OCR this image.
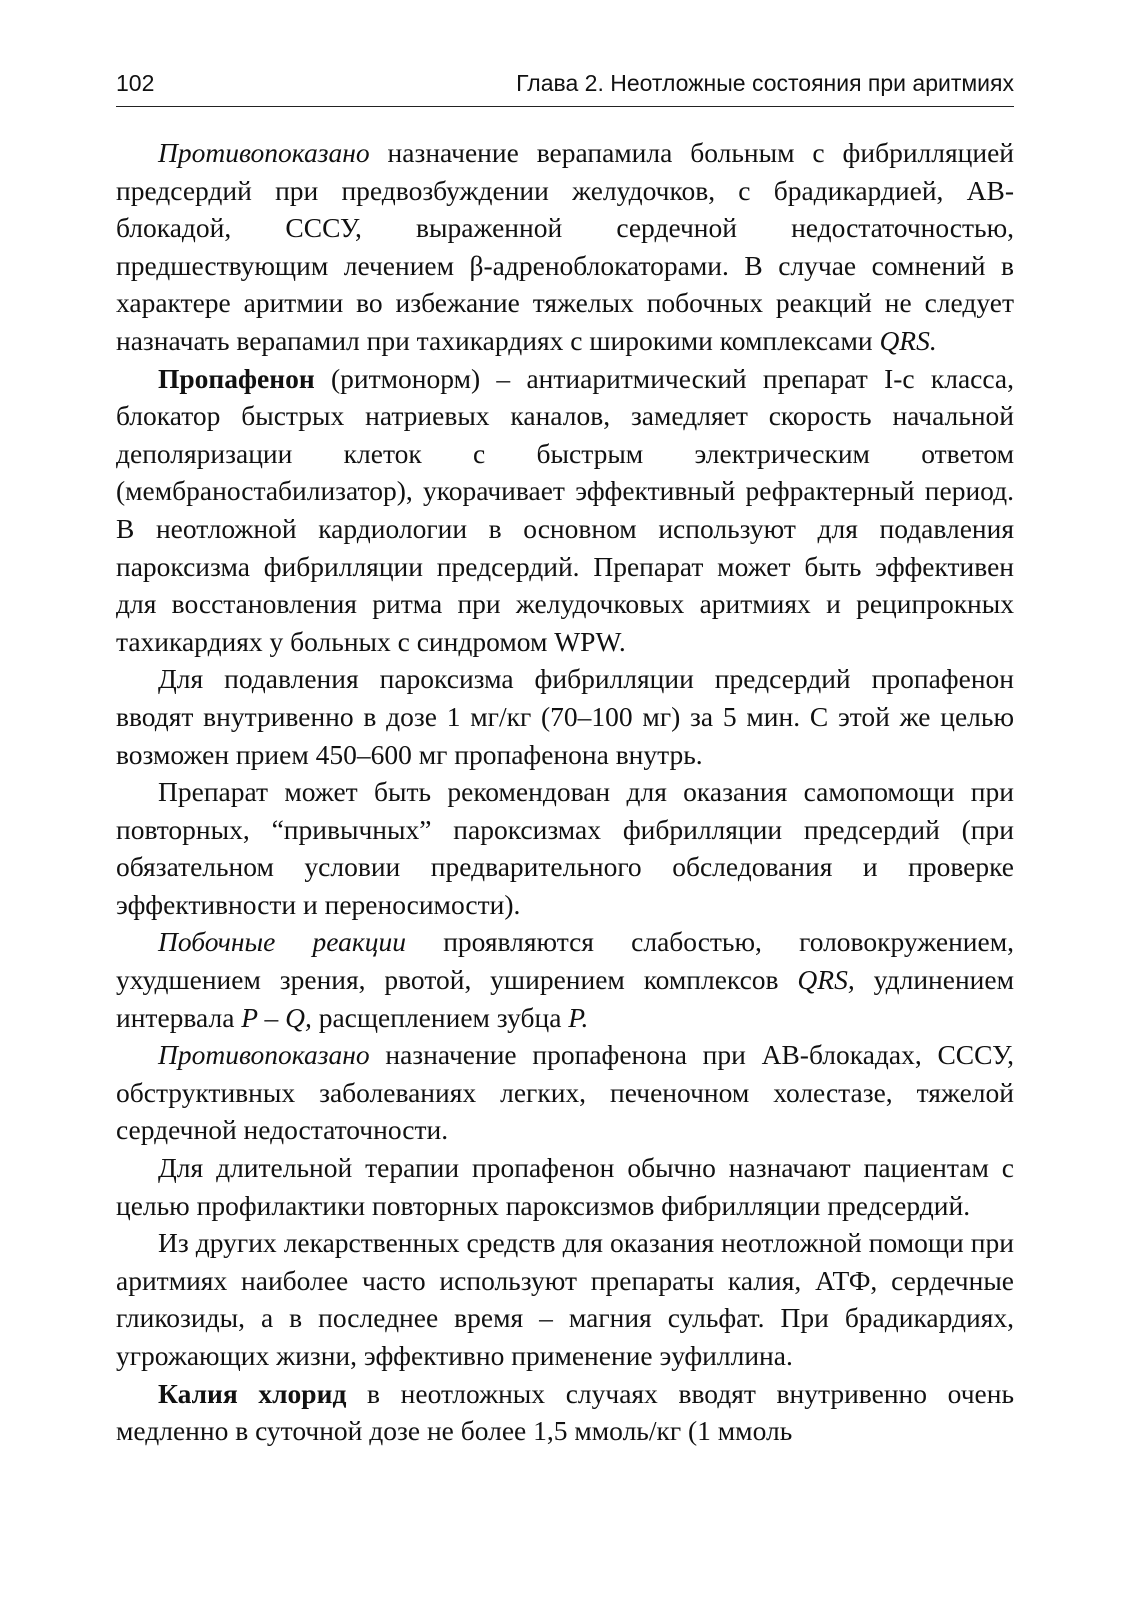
102	Глава 2. Неотложные состояния при аритмиях

Противопоказано назначение верапамила больным с фибрилляцией предсердий при предвозбуждении желудочков, с брадикардией, АВ-блокадой, СССУ, выраженной сердечной недостаточностью, предшествующим лечением β-адреноблокаторами. В случае сомнений в характере аритмии во избежание тяжелых побочных реакций не следует назначать верапамил при тахикардиях с широкими комплексами QRS.

Пропафенон (ритмонорм) – антиаритмический препарат I-с класса, блокатор быстрых натриевых каналов, замедляет скорость начальной деполяризации клеток с быстрым электрическим ответом (мембраностабилизатор), укорачивает эффективный рефрактерный период. В неотложной кардиологии в основном используют для подавления пароксизма фибрилляции предсердий. Препарат может быть эффективен для восстановления ритма при желудочковых аритмиях и реципрокных тахикардиях у больных с синдромом WPW.

Для подавления пароксизма фибрилляции предсердий пропафенон вводят внутривенно в дозе 1 мг/кг (70–100 мг) за 5 мин. С этой же целью возможен прием 450–600 мг пропафенона внутрь.

Препарат может быть рекомендован для оказания самопомощи при повторных, “привычных” пароксизмах фибрилляции предсердий (при обязательном условии предварительного обследования и проверке эффективности и переносимости).

Побочные реакции проявляются слабостью, головокружением, ухудшением зрения, рвотой, уширением комплексов QRS, удлинением интервала P – Q, расщеплением зубца P.

Противопоказано назначение пропафенона при АВ-блокадах, СССУ, обструктивных заболеваниях легких, печеночном холестазе, тяжелой сердечной недостаточности.

Для длительной терапии пропафенон обычно назначают пациентам с целью профилактики повторных пароксизмов фибрилляции предсердий.

Из других лекарственных средств для оказания неотложной помощи при аритмиях наиболее часто используют препараты калия, АТФ, сердечные гликозиды, а в последнее время – магния сульфат. При брадикардиях, угрожающих жизни, эффективно применение эуфиллина.

Калия хлорид в неотложных случаях вводят внутривенно очень медленно в суточной дозе не более 1,5 ммоль/кг (1 ммоль
